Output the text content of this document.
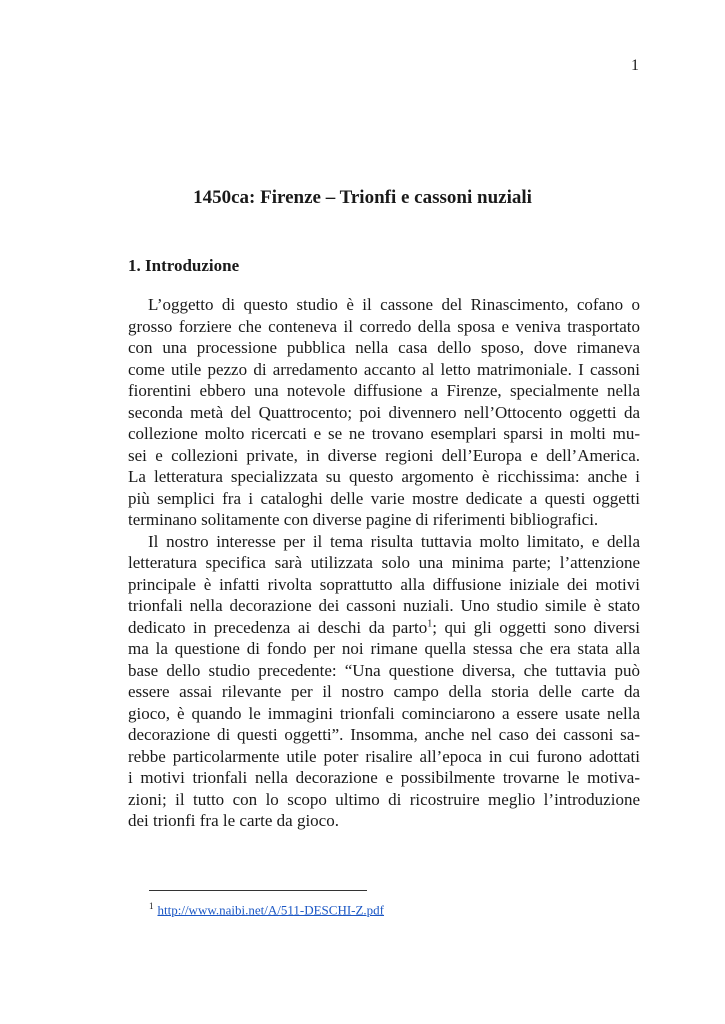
1
1450ca: Firenze – Trionfi e cassoni nuziali
1. Introduzione
L’oggetto di questo studio è il cassone del Rinascimento, cofano o
grosso forziere che conteneva il corredo della sposa e veniva trasportato
con una processione pubblica nella casa dello sposo, dove rimaneva
come utile pezzo di arredamento accanto al letto matrimoniale. I cassoni
fiorentini ebbero una notevole diffusione a Firenze, specialmente nella
seconda metà del Quattrocento; poi divennero nell’Ottocento oggetti da
collezione molto ricercati e se ne trovano esemplari sparsi in molti mu-
sei e collezioni private, in diverse regioni dell’Europa e dell’America.
La letteratura specializzata su questo argomento è ricchissima: anche i
più semplici fra i cataloghi delle varie mostre dedicate a questi oggetti
terminano solitamente con diverse pagine di riferimenti bibliografici.
Il nostro interesse per il tema risulta tuttavia molto limitato, e della
letteratura specifica sarà utilizzata solo una minima parte; l’attenzione
principale è infatti rivolta soprattutto alla diffusione iniziale dei motivi
trionfali nella decorazione dei cassoni nuziali. Uno studio simile è stato
dedicato in precedenza ai deschi da parto$^1$; qui gli oggetti sono diversi
ma la questione di fondo per noi rimane quella stessa che era stata alla
base dello studio precedente: “Una questione diversa, che tuttavia può
essere assai rilevante per il nostro campo della storia delle carte da
gioco, è quando le immagini trionfali cominciarono a essere usate nella
decorazione di questi oggetti”. Insomma, anche nel caso dei cassoni sa-
rebbe particolarmente utile poter risalire all’epoca in cui furono adottati
i motivi trionfali nella decorazione e possibilmente trovarne le motiva-
zioni; il tutto con lo scopo ultimo di ricostruire meglio l’introduzione
dei trionfi fra le carte da gioco.
$^1$ http://www.naibi.net/A/511-DESCHI-Z.pdf
